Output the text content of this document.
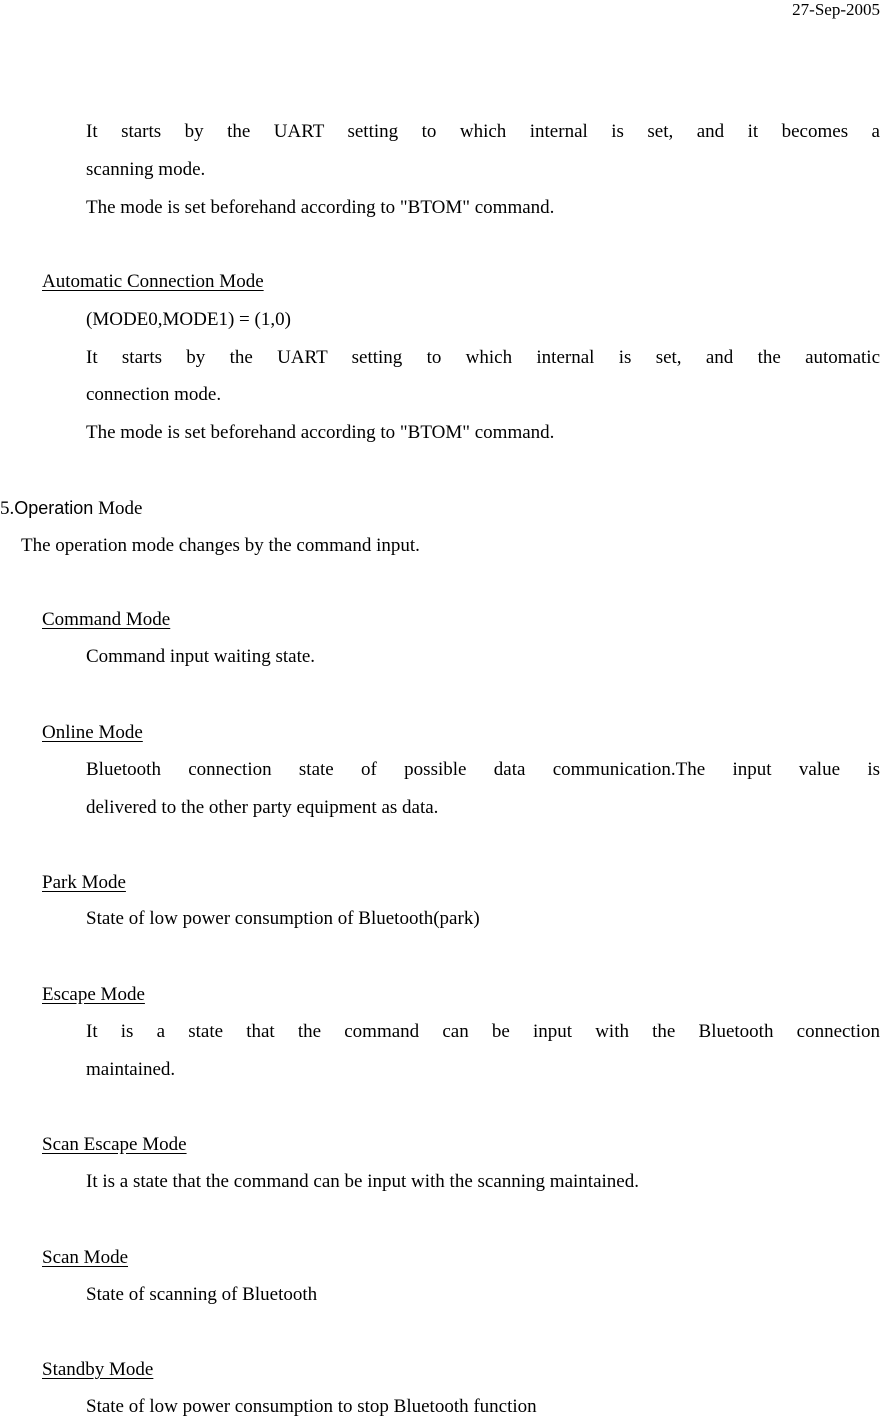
27-Sep-2005
It starts by the UART setting to which internal is set, and it becomes a
scanning mode.
The mode is set beforehand according to "BTOM" command.
Automatic Connection Mode
(MODE0,MODE1) = (1,0)
It starts by the UART setting to which internal is set, and the automatic
connection mode.
The mode is set beforehand according to "BTOM" command.
5.Operation Mode
The operation mode changes by the command input.
Command Mode
Command input waiting state.
Online Mode
Bluetooth connection state of possible data communication.The input value is
delivered to the other party equipment as data.
Park Mode
State of low power consumption of Bluetooth(park)
Escape Mode
It is a state that the command can be input with the Bluetooth connection
maintained.
Scan Escape Mode
It is a state that the command can be input with the scanning maintained.
Scan Mode
State of scanning of Bluetooth
Standby Mode
State of low power consumption to stop Bluetooth function
